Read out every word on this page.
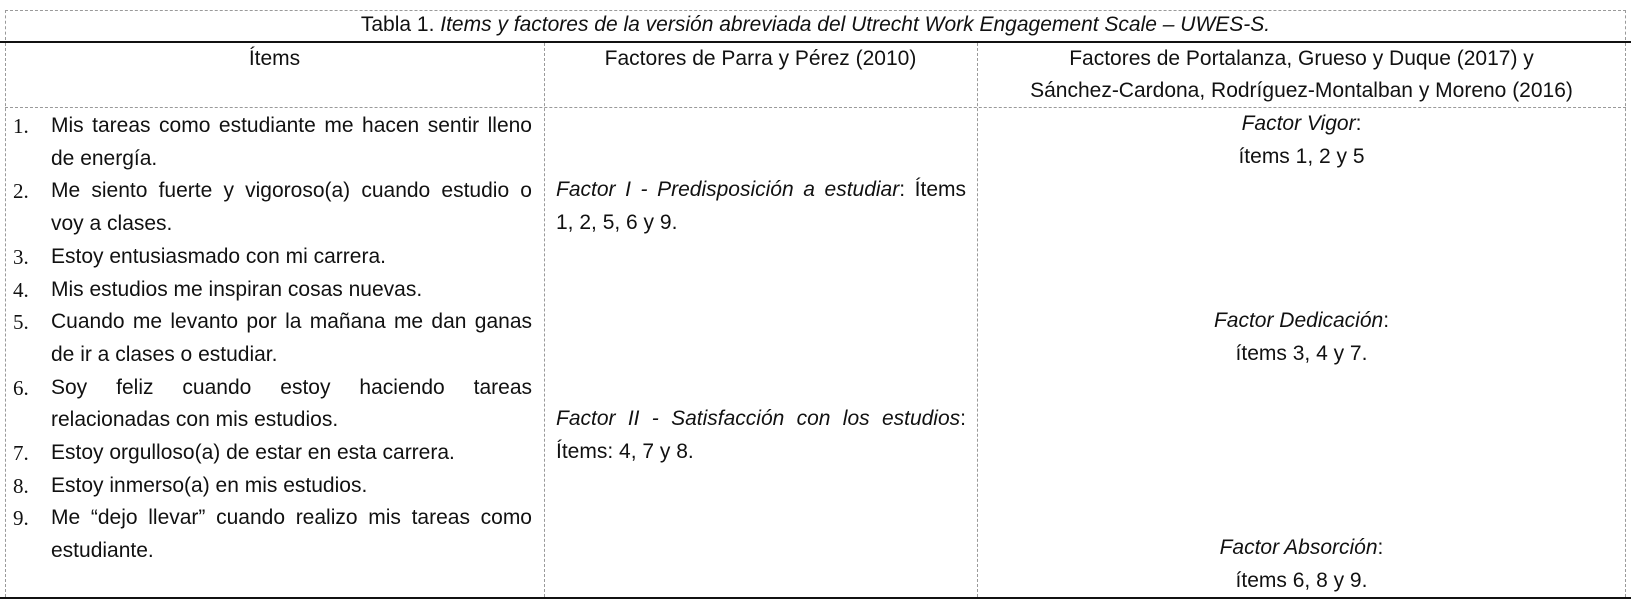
Tabla 1. Items y factores de la versión abreviada del Utrecht Work Engagement Scale – UWES-S.
Ítems	Factores de Parra y Pérez (2010)	Factores de Portalanza, Grueso y Duque (2017) y
Sánchez-Cardona, Rodríguez-Montalban y Moreno (2016)
1. Mis tareas como estudiante me hacen sentir lleno de energía.
2. Me siento fuerte y vigoroso(a) cuando estudio o voy a clases.
3. Estoy entusiasmado con mi carrera.
4. Mis estudios me inspiran cosas nuevas.
5. Cuando me levanto por la mañana me dan ganas de ir a clases o estudiar.
6. Soy feliz cuando estoy haciendo tareas relacionadas con mis estudios.
7. Estoy orgulloso(a) de estar en esta carrera.
8. Estoy inmerso(a) en mis estudios.
9. Me “dejo llevar” cuando realizo mis tareas como estudiante.
Factor I - Predisposición a estudiar: Ítems 1, 2, 5, 6 y 9.
Factor II - Satisfacción con los estudios: Ítems: 4, 7 y 8.
Factor Vigor:
ítems 1, 2 y 5
Factor Dedicación:
ítems 3, 4 y 7.
Factor Absorción:
ítems 6, 8 y 9.
